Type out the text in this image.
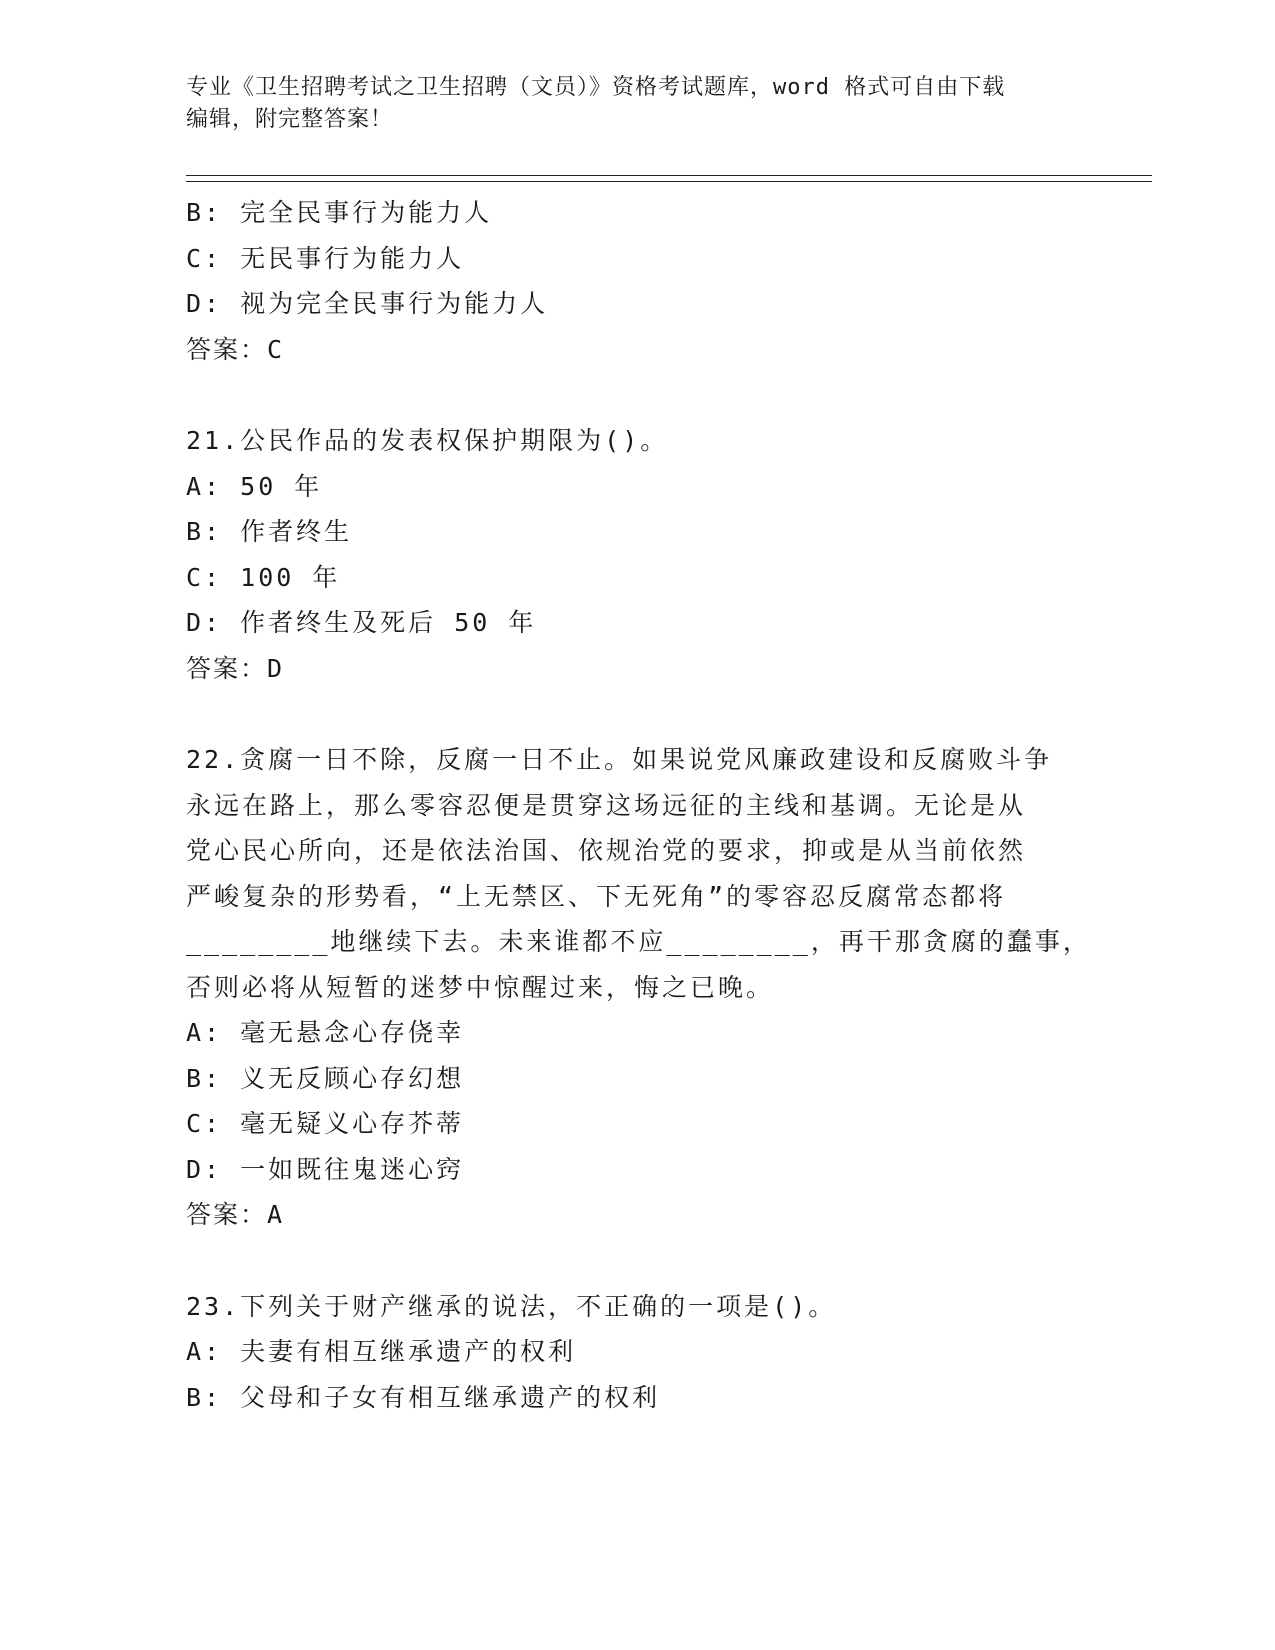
专业《卫生招聘考试之卫生招聘（文员）》资格考试题库，word 格式可自由下载
编辑，附完整答案！
B: 完全民事行为能力人
C: 无民事行为能力人
D: 视为完全民事行为能力人
答案：C
21.公民作品的发表权保护期限为()。
A: 50 年
B: 作者终生
C: 100 年
D: 作者终生及死后 50 年
答案：D
22.贪腐一日不除，反腐一日不止。如果说党风廉政建设和反腐败斗争
永远在路上，那么零容忍便是贯穿这场远征的主线和基调。无论是从
党心民心所向，还是依法治国、依规治党的要求，抑或是从当前依然
严峻复杂的形势看，“上无禁区、下无死角”的零容忍反腐常态都将
________地继续下去。未来谁都不应________，再干那贪腐的蠢事，
否则必将从短暂的迷梦中惊醒过来，悔之已晚。
A: 毫无悬念心存侥幸
B: 义无反顾心存幻想
C: 毫无疑义心存芥蒂
D: 一如既往鬼迷心窍
答案：A
23.下列关于财产继承的说法，不正确的一项是()。
A: 夫妻有相互继承遗产的权利
B: 父母和子女有相互继承遗产的权利
